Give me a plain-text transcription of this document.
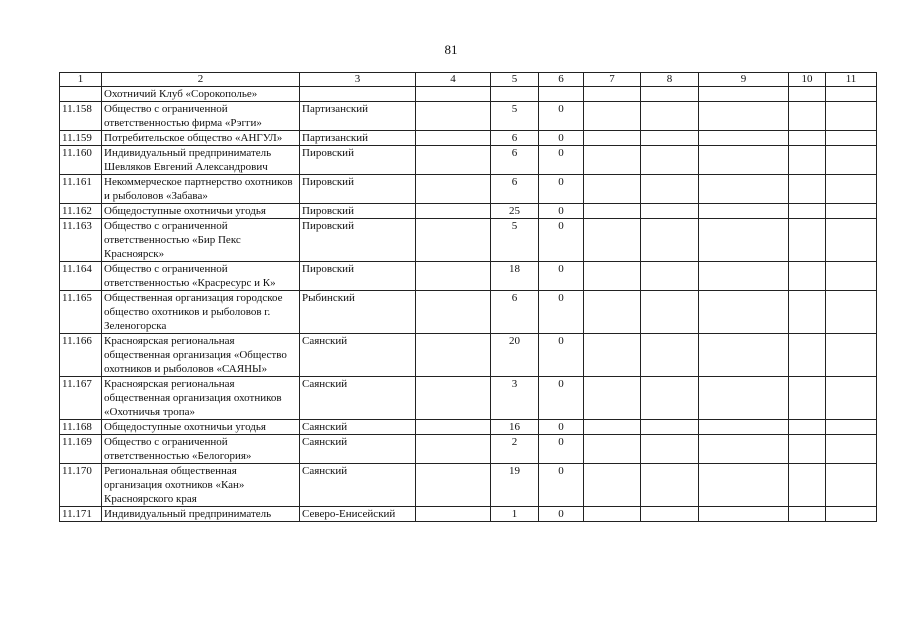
81
1	2	3	4	5	6	7	8	9	10	11
	Охотничий Клуб «Сорокополье»									
11.158	Общество с ограниченной ответственностью фирма «Рэгги»	Партизанский		5	0					
11.159	Потребительское общество «АНГУЛ»	Партизанский		6	0					
11.160	Индивидуальный предприниматель Шевляков Евгений Александрович	Пировский		6	0					
11.161	Некоммерческое партнерство охотников и рыболовов «Забава»	Пировский		6	0					
11.162	Общедоступные охотничьи угодья	Пировский		25	0					
11.163	Общество с ограниченной ответственностью «Бир Пекс Красноярск»	Пировский		5	0					
11.164	Общество с ограниченной ответственностью «Красресурс и К»	Пировский		18	0					
11.165	Общественная организация городское общество охотников и рыболовов г. Зеленогорска	Рыбинский		6	0					
11.166	Красноярская региональная общественная организация «Общество охотников и рыболовов «САЯНЫ»	Саянский		20	0					
11.167	Красноярская региональная общественная организация охотников «Охотничья тропа»	Саянский		3	0					
11.168	Общедоступные охотничьи угодья	Саянский		16	0					
11.169	Общество с ограниченной ответственностью «Белогория»	Саянский		2	0					
11.170	Региональная общественная организация охотников «Кан» Красноярского края	Саянский		19	0					
11.171	Индивидуальный предприниматель	Северо-Енисейский		1	0					
